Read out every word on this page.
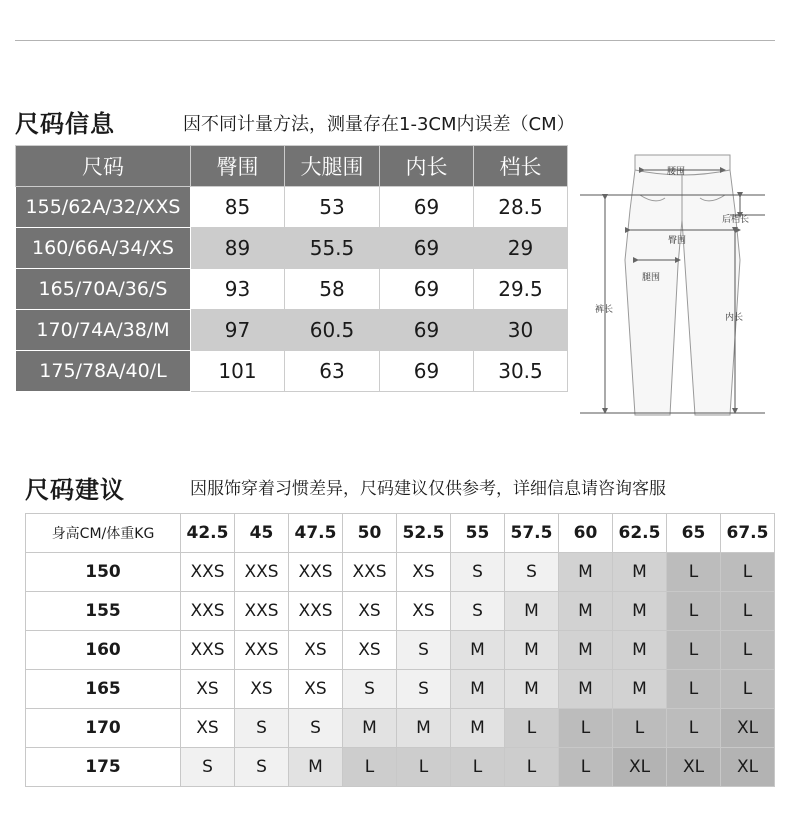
尺码信息	因不同计量方法，测量存在1-3CM内误差（CM）
尺码	臀围	大腿围	内长	档长
155/62A/32/XXS	85	53	69	28.5
160/66A/34/XS	89	55.5	69	29
165/70A/36/S	93	58	69	29.5
170/74A/38/M	97	60.5	69	30
175/78A/40/L	101	63	69	30.5
腰围
后档长
臀围
腿围
裤长
内长
尺码建议	因服饰穿着习惯差异，尺码建议仅供参考，详细信息请咨询客服
身高CM/体重KG	42.5	45	47.5	50	52.5	55	57.5	60	62.5	65	67.5
150	XXS	XXS	XXS	XXS	XS	S	S	M	M	L	L
155	XXS	XXS	XXS	XS	XS	S	M	M	M	L	L
160	XXS	XXS	XS	XS	S	M	M	M	M	L	L
165	XS	XS	XS	S	S	M	M	M	M	L	L
170	XS	S	S	M	M	M	L	L	L	L	XL
175	S	S	M	L	L	L	L	L	XL	XL	XL
